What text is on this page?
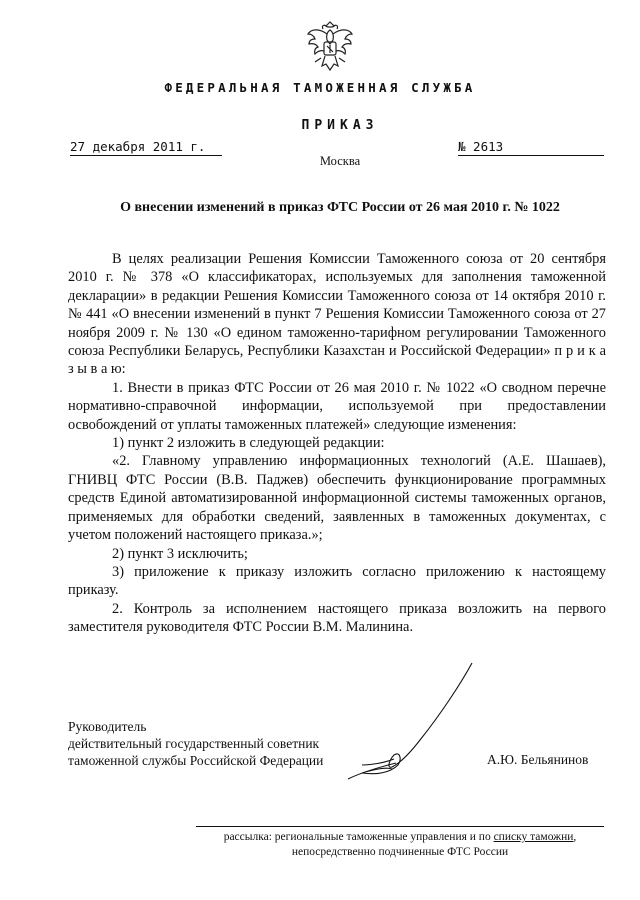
ФЕДЕРАЛЬНАЯ ТАМОЖЕННАЯ СЛУЖБА
ПРИКАЗ
27 декабря 2011 г.	№ 2613
Москва
О внесении изменений в приказ ФТС России от 26 мая 2010 г. № 1022

В целях реализации Решения Комиссии Таможенного союза от 20 сентября 2010 г. № 378 «О классификаторах, используемых для заполнения таможенной декларации» в редакции Решения Комиссии Таможенного союза от 14 октября 2010 г. № 441 «О внесении изменений в пункт 7 Решения Комиссии Таможенного союза от 27 ноября 2009 г. № 130 «О едином таможенно-тарифном регулировании Таможенного союза Республики Беларусь, Республики Казахстан и Российской Федерации» п р и к а з ы в а ю:

1. Внести в приказ ФТС России от 26 мая 2010 г. № 1022 «О сводном перечне нормативно-справочной информации, используемой при предоставлении освобождений от уплаты таможенных платежей» следующие изменения:

1) пункт 2 изложить в следующей редакции:

«2. Главному управлению информационных технологий (А.Е. Шашаев), ГНИВЦ ФТС России (В.В. Паджев) обеспечить функционирование программных средств Единой автоматизированной информационной системы таможенных органов, применяемых для обработки сведений, заявленных в таможенных документах, с учетом положений настоящего приказа.»;

2) пункт 3 исключить;

3) приложение к приказу изложить согласно приложению к настоящему приказу.

2. Контроль за исполнением настоящего приказа возложить на первого заместителя руководителя ФТС России В.М. Малинина.

Руководитель
действительный государственный советник
таможенной службы Российской Федерации	А.Ю. Бельянинов
рассылка: региональные таможенные управления и по списку таможни,
непосредственно подчиненные ФТС России
